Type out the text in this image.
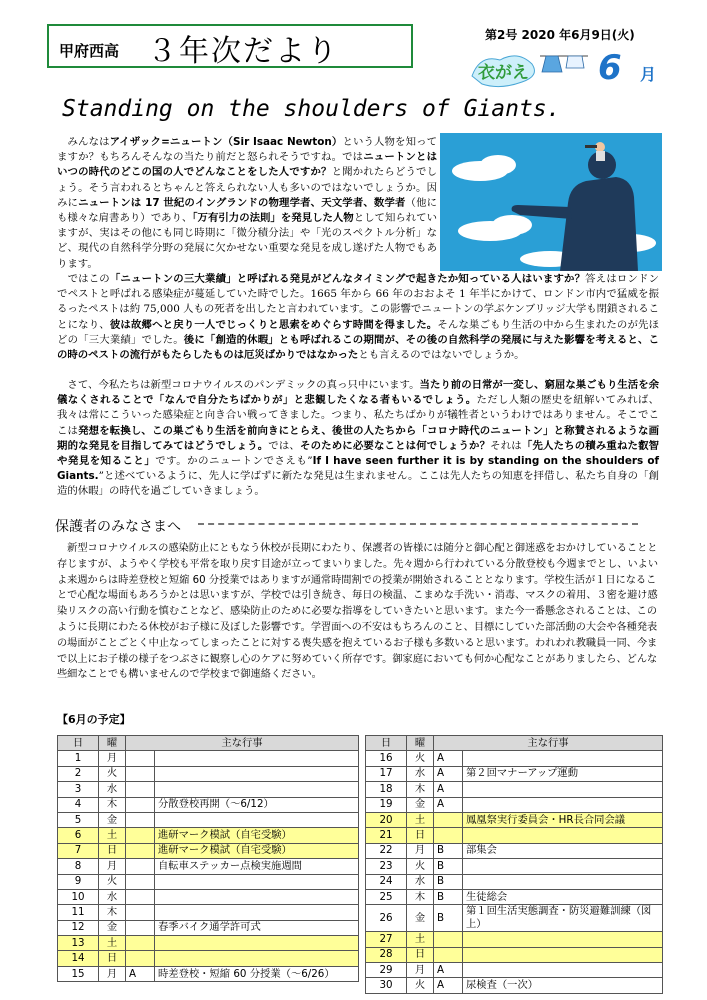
甲府西高 ３年次だより	第2号 2020 年6月9日(火)
衣がえ 6 月
Standing on the shoulders of Giants.
　みんなはアイザック=ニュートン（Sir Isaac Newton）という人物を知ってますか？もちろんそんなの当たり前だと怒られそうですね。ではニュートンとはいつの時代のどこの国の人でどんなことをした人ですか？と聞かれたらどうでしょう。そう言われるとちゃんと答えられない人も多いのではないでしょうか。因みにニュートンは 17 世紀のイングランドの物理学者、天文学者、数学者（他にも様々な肩書あり）であり、「万有引力の法則」を発見した人物として知られていますが、実はその他にも同じ時期に「微分積分法」や「光のスペクトル分析」など、現代の自然科学分野の発展に欠かせない重要な発見を成し遂げた人物でもあります。
　ではこの「ニュートンの三大業績」と呼ばれる発見がどんなタイミングで起きたか知っている人はいますか？答えはロンドンでペストと呼ばれる感染症が蔓延していた時でした。1665 年から 66 年のおおよそ 1 年半にかけて、ロンドン市内で猛威を振るったペストは約 75,000 人もの死者を出したと言われています。この影響でニュートンの学ぶケンブリッジ大学も閉鎖されることになり、彼は故郷へと戻り一人でじっくりと思索をめぐらす時間を得ました。そんな巣ごもり生活の中から生まれたのが先ほどの「三大業績」でした。後に「創造的休暇」とも呼ばれるこの期間が、その後の自然科学の発展に与えた影響を考えると、この時のペストの流行がもたらしたものは厄災ばかりではなかったとも言えるのではないでしょうか。
　さて、今私たちは新型コロナウイルスのパンデミックの真っ只中にいます。当たり前の日常が一変し、窮屈な巣ごもり生活を余儀なくされることで「なんで自分たちばかりが」と悲観したくなる者もいるでしょう。ただし人類の歴史を紐解いてみれば、我々は常にこういった感染症と向き合い戦ってきました。つまり、私たちばかりが犠牲者というわけではありません。そこでここは発想を転換し、この巣ごもり生活を前向きにとらえ、後世の人たちから「コロナ時代のニュートン」と称賛されるような画期的な発見を目指してみてはどうでしょう。では、そのために必要なことは何でしょうか？それは「先人たちの積み重ねた叡智や発見を知ること」です。かのニュートンでさえも”If I have seen further it is by standing on the shoulders of Giants.”と述べているように、先人に学ばずに新たな発見は生まれません。ここは先人たちの知恵を拝借し、私たち自身の「創造的休暇」の時代を過ごしていきましょう。
保護者のみなさまへ
　新型コロナウイルスの感染防止にともなう休校が長期にわたり、保護者の皆様には随分と御心配と御迷惑をおかけしていることと存じますが、ようやく学校も平常を取り戻す目途が立ってまいりました。先々週から行われている分散登校も今週までとし、いよいよ来週からは時差登校と短縮 60 分授業ではありますが通常時間割での授業が開始されることとなります。学校生活が１日になることで心配な場面もあろうかとは思いますが、学校では引き続き、毎日の検温、こまめな手洗い・消毒、マスクの着用、３密を避け感染リスクの高い行動を慎むことなど、感染防止のために必要な指導をしていきたいと思います。また今一番懸念されることは、このように長期にわたる休校がお子様に及ぼした影響です。学習面への不安はもちろんのこと、目標にしていた部活動の大会や各種発表の場面がことごとく中止なってしまったことに対する喪失感を抱えているお子様も多数いると思います。われわれ教職員一同、今まで以上にお子様の様子をつぶさに観察し心のケアに努めていく所存です。御家庭においても何か心配なことがありましたら、どんな些細なことでも構いませんので学校まで御連絡ください。
【6月の予定】
日	曜	主な行事	
1	月		
2	火		
3	水		
4	木		分散登校再開（～6/12）
5	金		
6	土		進研マーク模試（自宅受験）
7	日		進研マーク模試（自宅受験）
8	月		自転車ステッカー点検実施週間
9	火		
10	水		
11	木		
12	金		春季バイク通学許可式
13	土		
14	日		
15	月	A	時差登校・短縮 60 分授業（～6/26）
日	曜	主な行事	
16	火	A	
17	水	A	第２回マナーアップ運動
18	木	A	
19	金	A	
20	土		鳳凰祭実行委員会・HR長合同会議
21	日		
22	月	B	部集会
23	火	B	
24	水	B	
25	木	B	生徒総会
26	金	B	第１回生活実態調査・防災避難訓練（図上）
27	土		
28	日		
29	月	A	
30	火	A	尿検査（一次）
